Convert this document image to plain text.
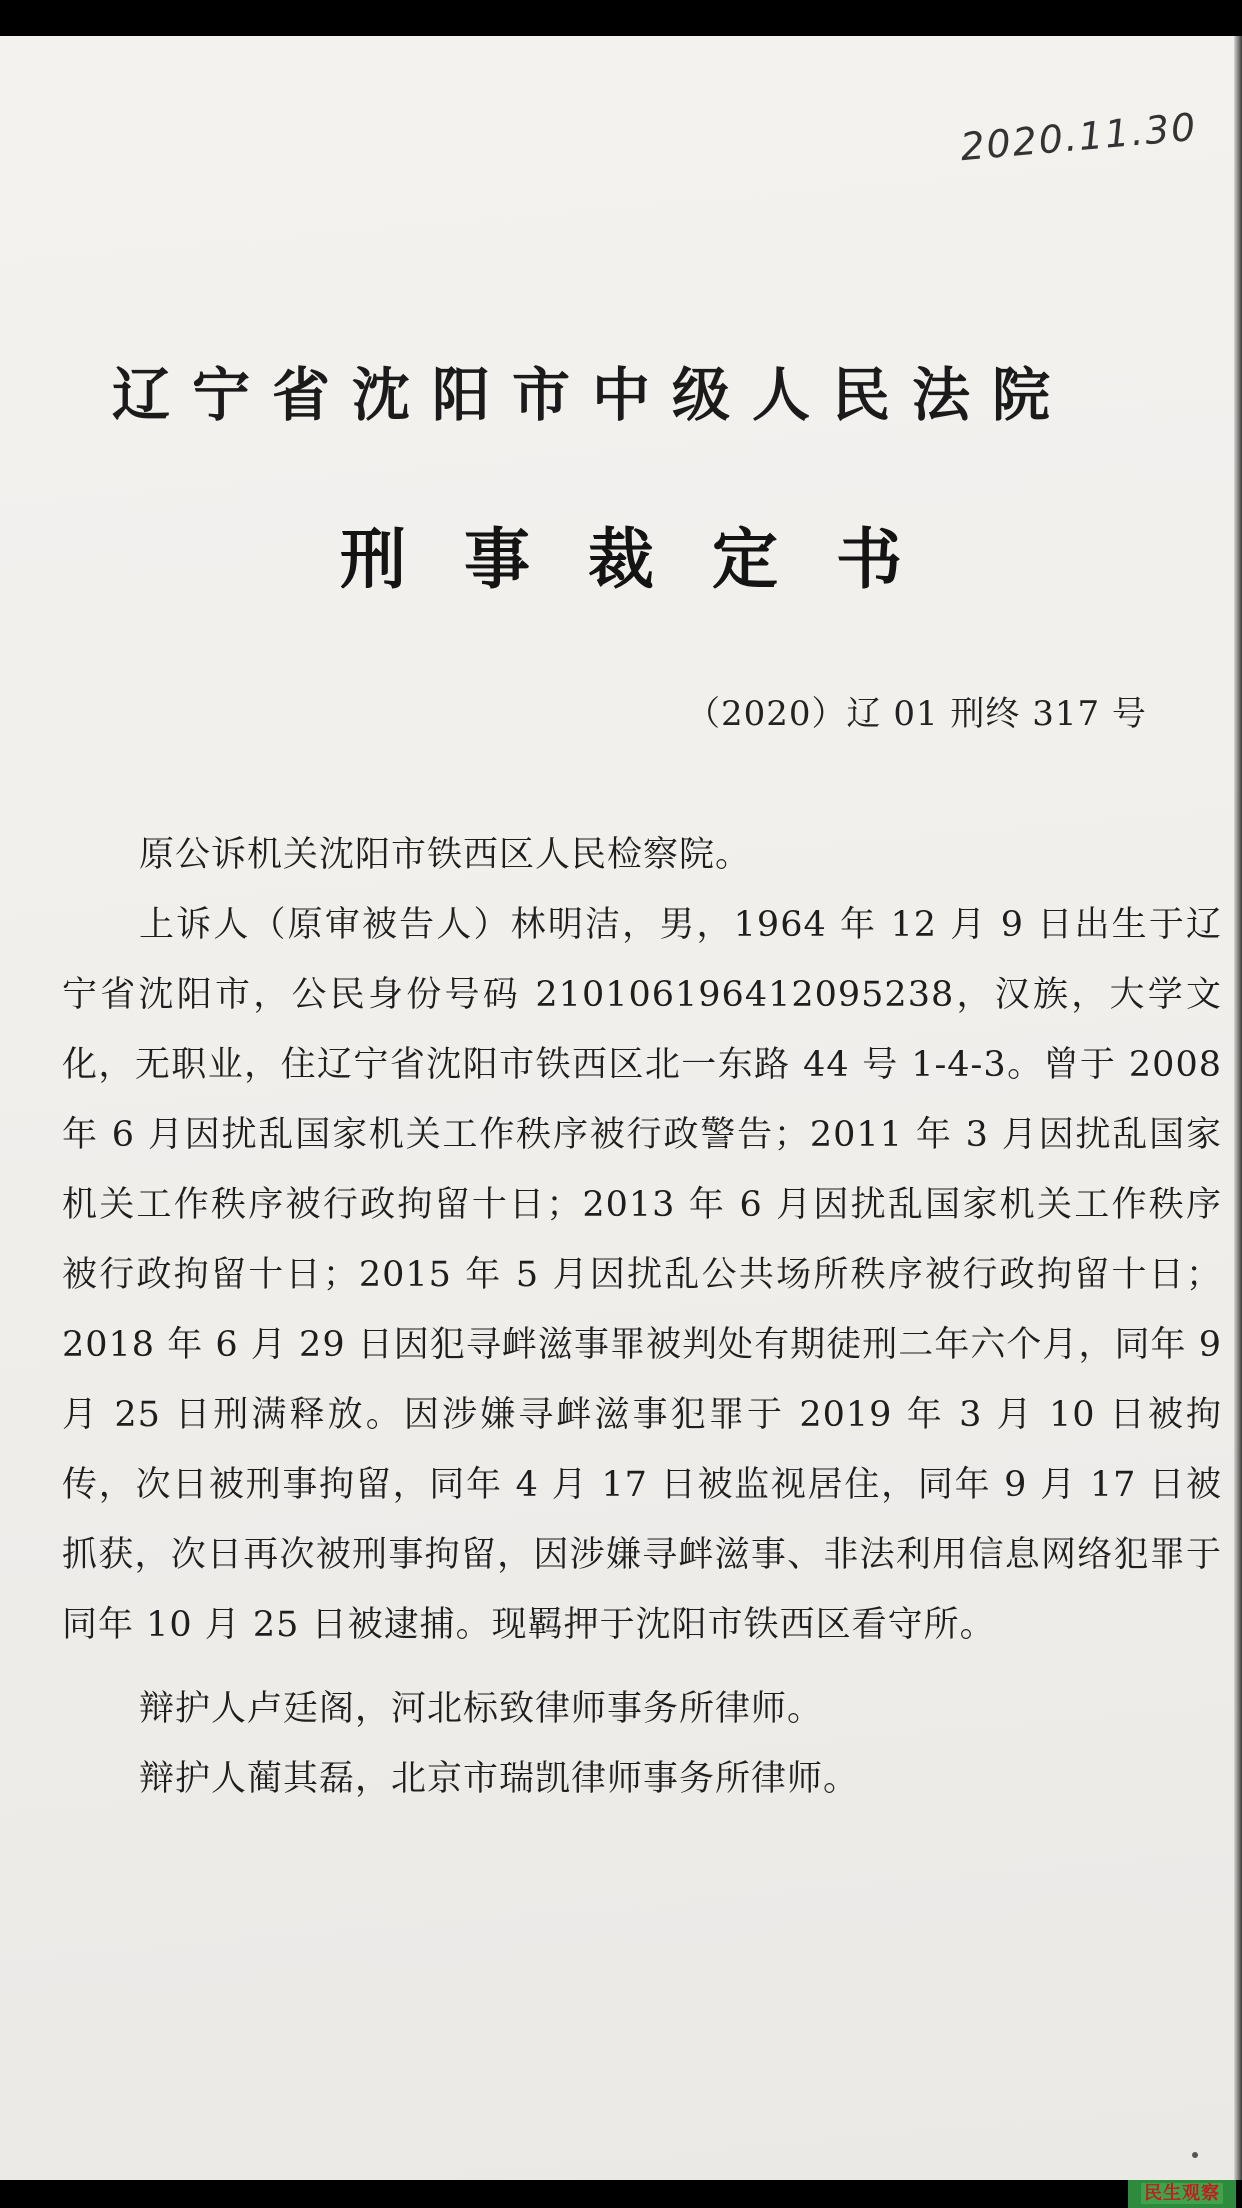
2020.11.30
辽宁省沈阳市中级人民法院
刑事裁定书
（2020）辽 01 刑终 317 号

原公诉机关沈阳市铁西区人民检察院。

上诉人（原审被告人）林明洁，男，1964 年 12 月 9 日出生于辽宁省沈阳市，公民身份号码 210106196412095238，汉族，大学文化，无职业，住辽宁省沈阳市铁西区北一东路 44 号 1-4-3。曾于 2008 年 6 月因扰乱国家机关工作秩序被行政警告；2011 年 3 月因扰乱国家机关工作秩序被行政拘留十日；2013 年 6 月因扰乱国家机关工作秩序被行政拘留十日；2015 年 5 月因扰乱公共场所秩序被行政拘留十日；2018 年 6 月 29 日因犯寻衅滋事罪被判处有期徒刑二年六个月，同年 9 月 25 日刑满释放。因涉嫌寻衅滋事犯罪于 2019 年 3 月 10 日被拘传，次日被刑事拘留，同年 4 月 17 日被监视居住，同年 9 月 17 日被抓获，次日再次被刑事拘留，因涉嫌寻衅滋事、非法利用信息网络犯罪于同年 10 月 25 日被逮捕。现羁押于沈阳市铁西区看守所。

辩护人卢廷阁，河北标致律师事务所律师。

辩护人蔺其磊，北京市瑞凯律师事务所律师。

民生观察
